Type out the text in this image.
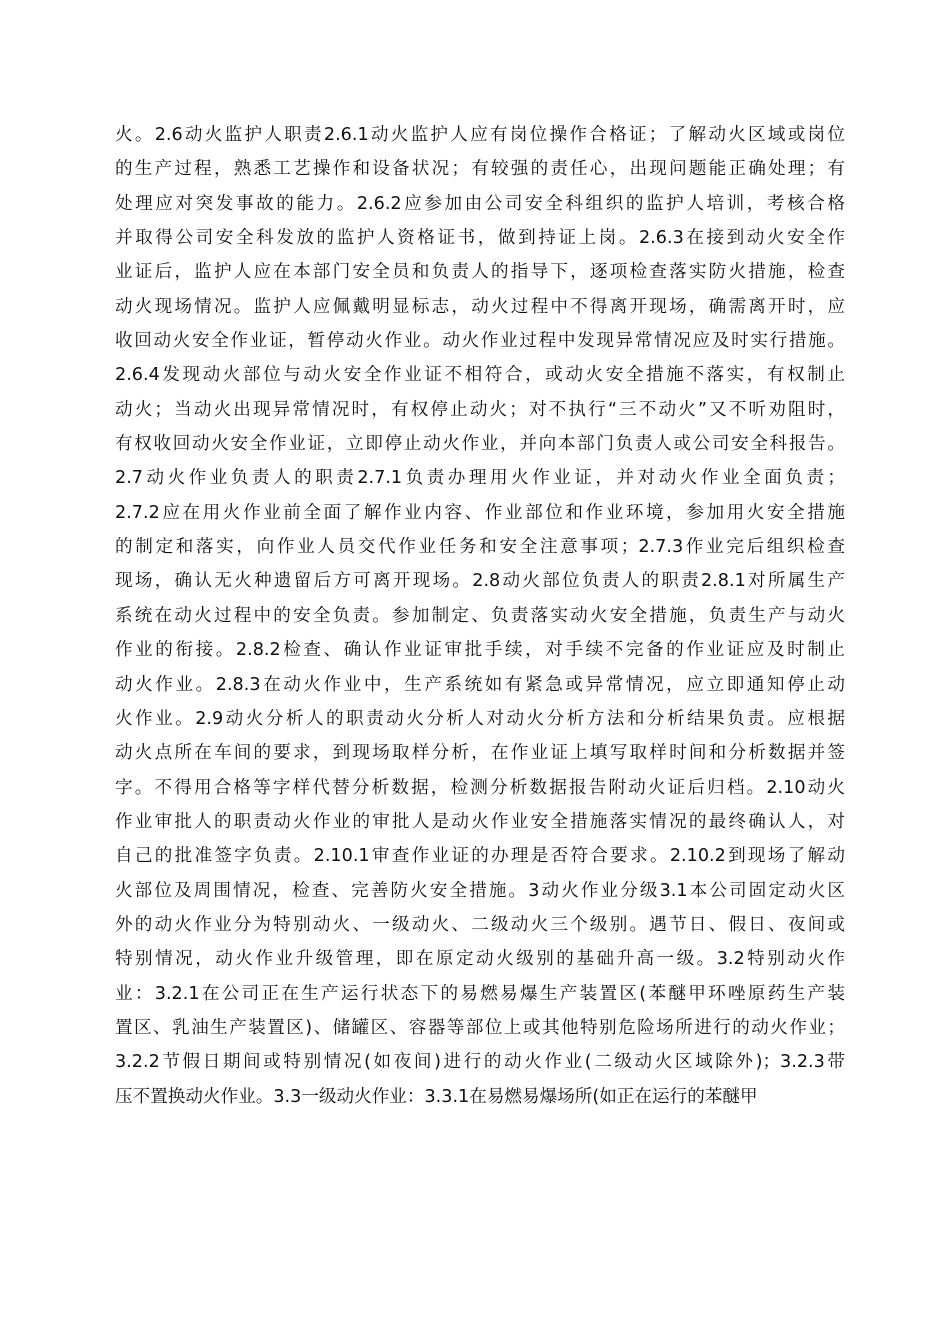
火。2.6动火监护人职责2.6.1动火监护人应有岗位操作合格证；了解动火区域或岗位
的生产过程，熟悉工艺操作和设备状况；有较强的责任心，出现问题能正确处理；有
处理应对突发事故的能力。2.6.2应参加由公司安全科组织的监护人培训，考核合格
并取得公司安全科发放的监护人资格证书，做到持证上岗。2.6.3在接到动火安全作
业证后，监护人应在本部门安全员和负责人的指导下，逐项检查落实防火措施，检查
动火现场情况。监护人应佩戴明显标志，动火过程中不得离开现场，确需离开时，应
收回动火安全作业证，暂停动火作业。动火作业过程中发现异常情况应及时实行措施。
2.6.4发现动火部位与动火安全作业证不相符合，或动火安全措施不落实，有权制止
动火；当动火出现异常情况时，有权停止动火；对不执行“三不动火”又不听劝阻时，
有权收回动火安全作业证，立即停止动火作业，并向本部门负责人或公司安全科报告。
2.7动火作业负责人的职责2.7.1负责办理用火作业证，并对动火作业全面负责；
2.7.2应在用火作业前全面了解作业内容、作业部位和作业环境，参加用火安全措施
的制定和落实，向作业人员交代作业任务和安全注意事项；2.7.3作业完后组织检查
现场，确认无火种遗留后方可离开现场。2.8动火部位负责人的职责2.8.1对所属生产
系统在动火过程中的安全负责。参加制定、负责落实动火安全措施，负责生产与动火
作业的衔接。2.8.2检查、确认作业证审批手续，对手续不完备的作业证应及时制止
动火作业。2.8.3在动火作业中，生产系统如有紧急或异常情况，应立即通知停止动
火作业。2.9动火分析人的职责动火分析人对动火分析方法和分析结果负责。应根据
动火点所在车间的要求，到现场取样分析，在作业证上填写取样时间和分析数据并签
字。不得用合格等字样代替分析数据，检测分析数据报告附动火证后归档。2.10动火
作业审批人的职责动火作业的审批人是动火作业安全措施落实情况的最终确认人，对
自己的批准签字负责。2.10.1审查作业证的办理是否符合要求。2.10.2到现场了解动
火部位及周围情况，检查、完善防火安全措施。3动火作业分级3.1本公司固定动火区
外的动火作业分为特别动火、一级动火、二级动火三个级别。遇节日、假日、夜间或
特别情况，动火作业升级管理，即在原定动火级别的基础升高一级。3.2特别动火作
业：3.2.1在公司正在生产运行状态下的易燃易爆生产装置区(苯醚甲环唑原药生产装
置区、乳油生产装置区)、储罐区、容器等部位上或其他特别危险场所进行的动火作业；
3.2.2节假日期间或特别情况(如夜间)进行的动火作业(二级动火区域除外)；3.2.3带
压不置换动火作业。3.3一级动火作业：3.3.1在易燃易爆场所(如正在运行的苯醚甲
